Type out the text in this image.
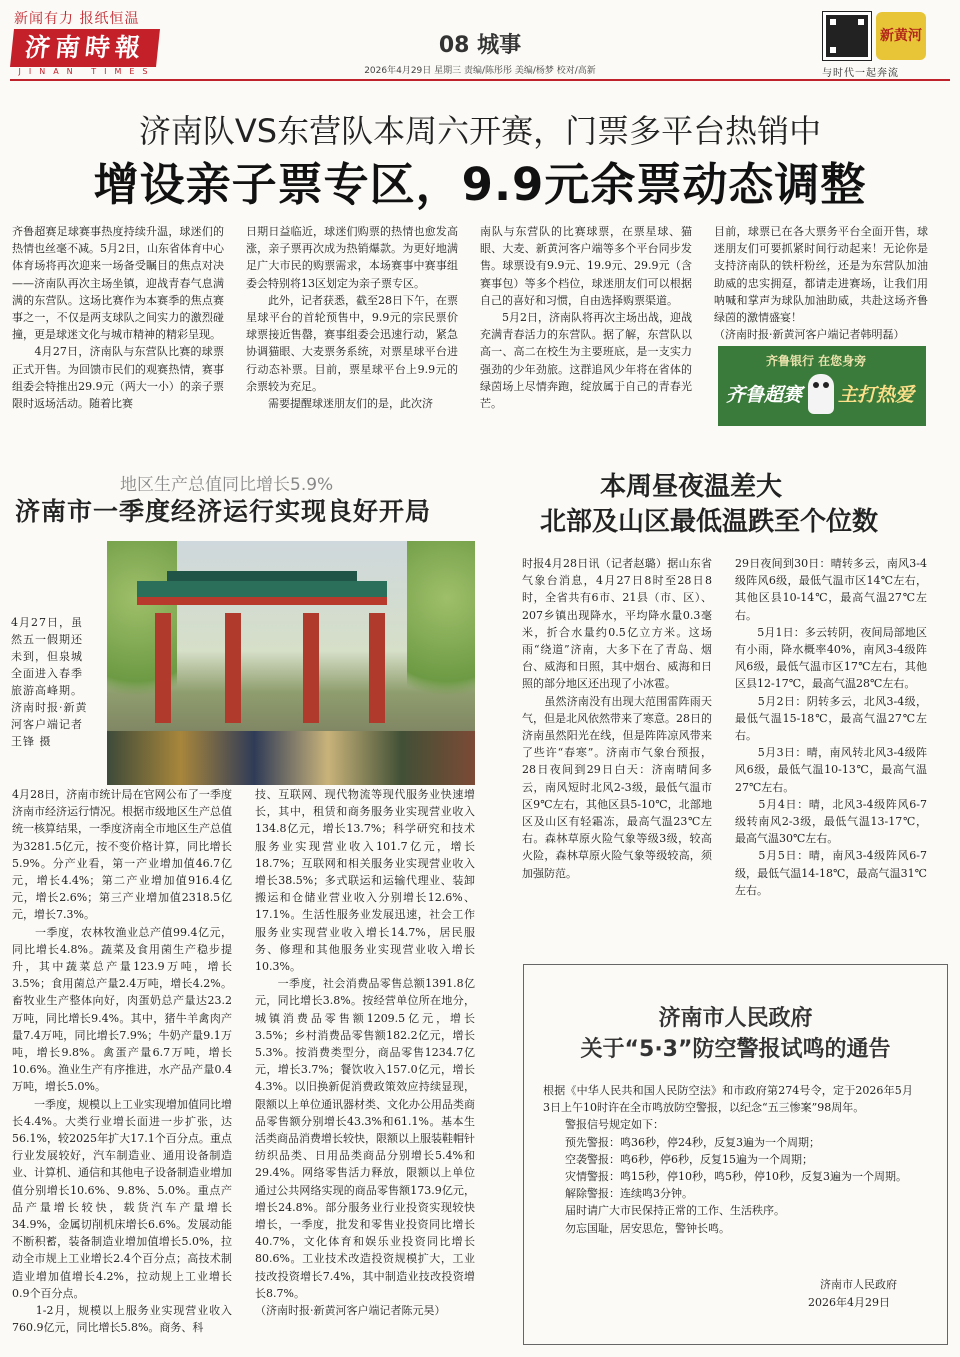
新闻有力 报纸恒温
济南時報
JINAN TIMES
08 城事
2026年4月29日 星期三 责编/陈彤彤 美编/杨梦 校对/高新
新黄河
与时代一起奔流
济南队VS东营队本周六开赛，门票多平台热销中
增设亲子票专区，9.9元余票动态调整
齐鲁超赛足球赛事热度持续升温，球迷们的热情也丝毫不减。5月2日，山东省体育中心体育场将再次迎来一场备受瞩目的焦点对决——济南队再次主场坐镇，迎战青春气息满满的东营队。这场比赛作为本赛季的焦点赛事之一，不仅是两支球队之间实力的激烈碰撞，更是球迷文化与城市精神的精彩呈现。
　　4月27日，济南队与东营队比赛的球票正式开售。为回馈市民们的观赛热情，赛事组委会特推出29.9元（两大一小）的亲子票限时返场活动。随着比赛
日期日益临近，球迷们购票的热情也愈发高涨，亲子票再次成为热销爆款。为更好地满足广大市民的购票需求，本场赛事中赛事组委会特别将13区划定为亲子票专区。
　　此外，记者获悉，截至28日下午，在票星球平台的首轮预售中，9.9元的宗民票价球票接近售罄，赛事组委会迅速行动，紧急协调猫眼、大麦票务系统，对票星球平台进行动态补票。目前，票星球平台上9.9元的余票较为充足。
　　需要提醒球迷朋友们的是，此次济
南队与东营队的比赛球票，在票星球、猫眼、大麦、新黄河客户端等多个平台同步发售。球票设有9.9元、19.9元、29.9元（含赛事包）等多个档位，球迷朋友们可以根据自己的喜好和习惯，自由选择购票渠道。
　　5月2日，济南队将再次主场出战，迎战充满青春活力的东营队。据了解，东营队以高一、高二在校生为主要班底，是一支实力强劲的少年劲旅。这群追风少年将在省体的绿茵场上尽情奔跑，绽放属于自己的青春光芒。
目前，球票已在各大票务平台全面开售，球迷朋友们可要抓紧时间行动起来！无论你是支持济南队的铁杆粉丝，还是为东营队加油助威的忠实拥趸，都请走进赛场，让我们用呐喊和掌声为球队加油助威，共赴这场齐鲁绿茵的激情盛宴！
（济南时报·新黄河客户端记者韩明磊）
齐鲁银行 在您身旁
齐鲁超赛 主打热爱
地区生产总值同比增长5.9%
济南市一季度经济运行实现良好开局
4月27日，虽然五一假期还未到，但泉城全面进入春季旅游高峰期。济南时报·新黄河客户端记者王锋 摄
4月28日，济南市统计局在官网公布了一季度济南市经济运行情况。根据市级地区生产总值统一核算结果，一季度济南全市地区生产总值为3281.5亿元，按不变价格计算，同比增长5.9%。分产业看，第一产业增加值46.7亿元，增长4.4%；第二产业增加值916.4亿元，增长2.6%；第三产业增加值2318.5亿元，增长7.3%。
　　一季度，农林牧渔业总产值99.4亿元，同比增长4.8%。蔬菜及食用菌生产稳步提升，其中蔬菜总产量123.9万吨，增长3.5%；食用菌总产量2.4万吨，增长4.2%。畜牧业生产整体向好，肉蛋奶总产量达23.2万吨，同比增长9.4%。其中，猪牛羊禽肉产量7.4万吨，同比增长7.9%；牛奶产量9.1万吨，增长9.8%。禽蛋产量6.7万吨，增长10.6%。渔业生产有序推进，水产品产量0.4万吨，增长5.0%。
　　一季度，规模以上工业实现增加值同比增长4.4%。大类行业增长面进一步扩张，达56.1%，较2025年扩大17.1个百分点。重点行业发展较好，汽车制造业、通用设备制造业、计算机、通信和其他电子设备制造业增加值分别增长10.6%、9.8%、5.0%。重点产品产量增长较快，载货汽车产量增长34.9%，金属切削机床增长6.6%。发展动能不断积蓄，装备制造业增加值增长5.0%，拉动全市规上工业增长2.4个百分点；高技术制造业增加值增长4.2%，拉动规上工业增长0.9个百分点。
　　1-2月，规模以上服务业实现营业收入760.9亿元，同比增长5.8%。商务、科
技、互联网、现代物流等现代服务业快速增长，其中，租赁和商务服务业实现营业收入134.8亿元，增长13.7%；科学研究和技术服务业实现营业收入101.7亿元，增长18.7%；互联网和相关服务业实现营业收入增长38.5%；多式联运和运输代理业、装卸搬运和仓储业营业收入分别增长12.6%、17.1%。生活性服务业发展迅速，社会工作服务业实现营业收入增长14.7%，居民服务、修理和其他服务业实现营业收入增长10.3%。
　　一季度，社会消费品零售总额1391.8亿元，同比增长3.8%。按经营单位所在地分，城镇消费品零售额1209.5亿元，增长3.5%；乡村消费品零售额182.2亿元，增长5.3%。按消费类型分，商品零售1234.7亿元，增长3.7%；餐饮收入157.0亿元，增长4.3%。以旧换新促消费政策效应持续显现，限额以上单位通讯器材类、文化办公用品类商品零售额分别增长43.3%和61.1%。基本生活类商品消费增长较快，限额以上服装鞋帽针纺织品类、日用品类商品分别增长5.4%和29.4%。网络零售活力释放，限额以上单位通过公共网络实现的商品零售额173.9亿元，增长24.8%。部分服务业行业投资实现较快增长，一季度，批发和零售业投资同比增长40.7%，文化体育和娱乐业投资同比增长80.6%。工业技术改造投资规模扩大，工业技改投资增长7.4%，其中制造业技改投资增长8.7%。
（济南时报·新黄河客户端记者陈元昊）
本周昼夜温差大
北部及山区最低温跌至个位数
时报4月28日讯（记者赵璐）据山东省气象台消息，4月27日8时至28日8时，全省共有6市、21县（市、区）、207乡镇出现降水，平均降水量0.3毫米，折合水量约0.5亿立方米。这场雨“绕道”济南，大多下在了青岛、烟台、威海和日照，其中烟台、威海和日照的部分地区还出现了小冰雹。
　　虽然济南没有出现大范围雷阵雨天气，但是北风依然带来了寒意。28日的济南虽然阳光在线，但是阵阵凉风带来了些许“春寒”。济南市气象台预报，28日夜间到29日白天：济南晴间多云，南风短时北风2-3级，最低气温市区9℃左右，其他区县5-10℃，北部地区及山区有轻霜冻，最高气温23℃左右。森林草原火险气象等级3级，较高火险，森林草原火险气象等级较高，须加强防范。
29日夜间到30日：晴转多云，南风3-4级阵风6级，最低气温市区14℃左右，其他区县10-14℃，最高气温27℃左右。
　　5月1日：多云转阴，夜间局部地区有小雨，降水概率40%，南风3-4级阵风6级，最低气温市区17℃左右，其他区县12-17℃，最高气温28℃左右。
　　5月2日：阴转多云，北风3-4级，最低气温15-18℃，最高气温27℃左右。
　　5月3日：晴，南风转北风3-4级阵风6级，最低气温10-13℃，最高气温27℃左右。
　　5月4日：晴，北风3-4级阵风6-7级转南风2-3级，最低气温13-17℃，最高气温30℃左右。
　　5月5日：晴，南风3-4级阵风6-7级，最低气温14-18℃，最高气温31℃左右。
济南市人民政府
关于“5·3”防空警报试鸣的通告
根据《中华人民共和国人民防空法》和市政府第274号令，定于2026年5月3日上午10时许在全市鸣放防空警报，以纪念“五三惨案”98周年。
　　警报信号规定如下：
　　预先警报：鸣36秒，停24秒，反复3遍为一个周期；
　　空袭警报：鸣6秒，停6秒，反复15遍为一个周期；
　　灾情警报：鸣15秒，停10秒，鸣5秒，停10秒，反复3遍为一个周期。
　　解除警报：连续鸣3分钟。
　　届时请广大市民保持正常的工作、生活秩序。
　　勿忘国耻，居安思危，警钟长鸣。
济南市人民政府
2026年4月29日
